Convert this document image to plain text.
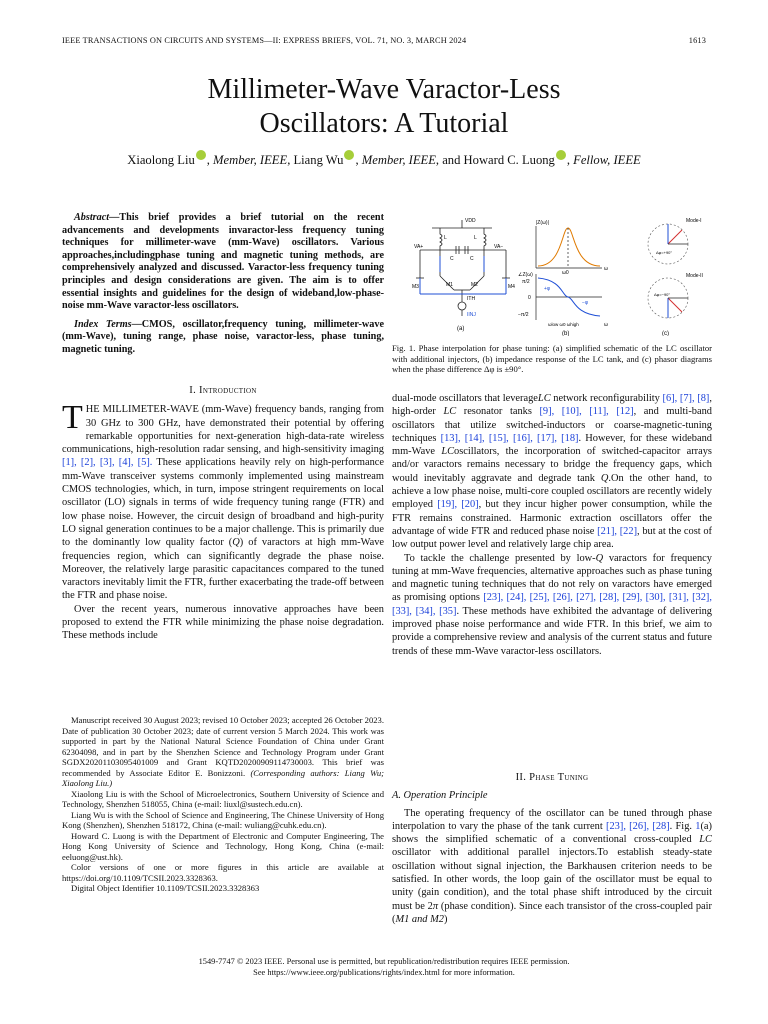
IEEE TRANSACTIONS ON CIRCUITS AND SYSTEMS—II: EXPRESS BRIEFS, VOL. 71, NO. 3, MARCH 2024	1613
Millimeter-Wave Varactor-Less
Oscillators: A Tutorial
Xiaolong Liu , Member, IEEE, Liang Wu , Member, IEEE, and Howard C. Luong , Fellow, IEEE

Abstract—This brief provides a brief tutorial on the recent advancements and developments invaractor-less frequency tuning techniques for millimeter-wave (mm-Wave) oscillators. Various approaches,includingphase tuning and magnetic tuning methods, are comprehensively analyzed and discussed. Varactor-less frequency tuning principles and design considerations are given. The aim is to offer essential insights and guidelines for the design of wideband,low-phase-noise mm-Wave varactor-less oscillators.

Index Terms—CMOS, oscillator,frequency tuning, millimeter-wave (mm-Wave), tuning range, phase noise, varactor-less, phase tuning, magnetic tuning.

I. Introduction

THE MILLIMETER-WAVE (mm-Wave) frequency bands, ranging from 30 GHz to 300 GHz, have demonstrated their potential by offering remarkable opportunities for next-generation high-data-rate wireless communications, high-resolution radar sensing, and high-sensitivity imaging [1], [2], [3], [4], [5]. These applications heavily rely on high-performance mm-Wave transceiver systems commonly implemented using mainstream CMOS technologies, which, in turn, impose stringent requirements on local oscillator (LO) signals in terms of wide frequency tuning range (FTR) and low phase noise. However, the circuit design of broadband and high-purity LO signal generation continues to be a major challenge. This is primarily due to the dominantly low quality factor (Q) of varactors at high mm-Wave frequencies region, which can significantly degrade the phase noise. Moreover, the relatively large parasitic capacitances compared to the tuned varactors inevitably limit the FTR, further exacerbating the trade-off between the FTR and phase noise.

Over the recent years, numerous innovative approaches have been proposed to extend the FTR while minimizing the phase noise degradation. These methods include

Manuscript received 30 August 2023; revised 10 October 2023; accepted 26 October 2023. Date of publication 30 October 2023; date of current version 5 March 2024. This work was supported in part by the National Natural Science Foundation of China under Grant 62304098, and in part by the Shenzhen Science and Technology Program under Grant SGDX20201103095401009 and Grant KQTD20200909114730003. This brief was recommended by Associate Editor E. Bonizzoni. (Corresponding authors: Liang Wu; Xiaolong Liu.)

Xiaolong Liu is with the School of Microelectronics, Southern University of Science and Technology, Shenzhen 518055, China (e-mail: liuxl@sustech.edu.cn).

Liang Wu is with the School of Science and Engineering, The Chinese University of Hong Kong (Shenzhen), Shenzhen 518172, China (e-mail: wuliang@cuhk.edu.cn).

Howard C. Luong is with the Department of Electronic and Computer Engineering, The Hong Kong University of Science and Technology, Hong Kong, China (e-mail: eeluong@ust.hk).

Color versions of one or more figures in this article are available at https://doi.org/10.1109/TCSII.2023.3328363.

Digital Object Identifier 10.1109/TCSII.2023.3328363

VDD
VA+	VA−
L	L
C	C
M1	M2
M3	M4
ITH
IINJ
(a)
|Z(ω)|
ω
ω0
∠Z(ω)
π/2
0
−π/2
+φ
−φ
ωlow ω0 ωhigh	ω
(b)
Mode-I
Mode-II
Δφ=+90°
Δφ=−90°
(c)
Fig. 1. Phase interpolation for phase tuning: (a) simplified schematic of the LC oscillator with additional injectors, (b) impedance response of the LC tank, and (c) phasor diagrams when the phase difference Δφ is ±90°.

dual-mode oscillators that leverageLC network reconfigurability [6], [7], [8], high-order LC resonator tanks [9], [10], [11], [12], and multi-band oscillators that utilize switched-inductors or coarse-magnetic-tuning techniques [13], [14], [15], [16], [17], [18]. However, for these wideband mm-Wave LCoscillators, the incorporation of switched-capacitor arrays and/or varactors remains necessary to bridge the frequency gaps, which would inevitably aggravate and degrade tank Q.On the other hand, to achieve a low phase noise, multi-core coupled oscillators are recently widely employed [19], [20], but they incur higher power consumption, while the FTR remains constrained. Harmonic extraction oscillators offer the advantage of wide FTR and reduced phase noise [21], [22], but at the cost of low output power level and relatively large chip area.

To tackle the challenge presented by low-Q varactors for frequency tuning at mm-Wave frequencies, alternative approaches such as phase tuning and magnetic tuning techniques that do not rely on varactors have emerged as promising options [23], [24], [25], [26], [27], [28], [29], [30], [31], [32], [33], [34], [35]. These methods have exhibited the advantage of delivering improved phase noise performance and wide FTR. In this brief, we aim to provide a comprehensive review and analysis of the current status and future trends of these mm-Wave varactor-less oscillators.

II. Phase Tuning
A. Operation Principle

The operating frequency of the oscillator can be tuned through phase interpolation to vary the phase of the tank current [23], [26], [28]. Fig. 1(a) shows the simplified schematic of a conventional cross-coupled LC oscillator with additional parallel injectors.To establish steady-state oscillation without signal injection, the Barkhausen criterion needs to be satisfied. In other words, the loop gain of the oscillator must be equal to unity (gain condition), and the total phase shift introduced by the circuit must be 2π (phase condition). Since each transistor of the cross-coupled pair (M1 and M2)

1549-7747 © 2023 IEEE. Personal use is permitted, but republication/redistribution requires IEEE permission.
See https://www.ieee.org/publications/rights/index.html for more information.
